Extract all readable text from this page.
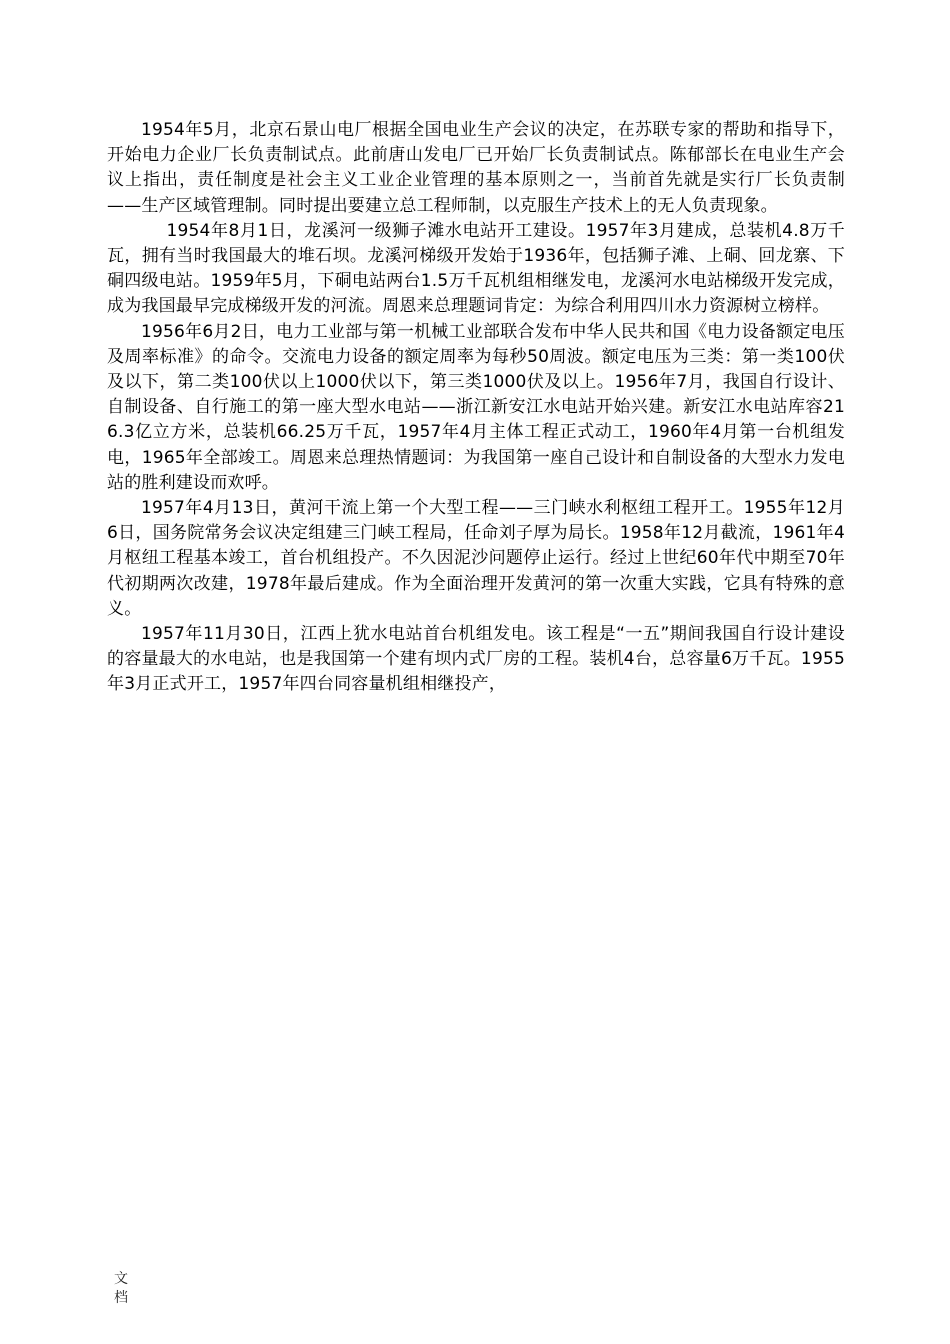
1954年5月，北京石景山电厂根据全国电业生产会议的决定，在苏联专家的帮助和指导下，开始电力企业厂长负责制试点。此前唐山发电厂已开始厂长负责制试点。陈郁部长在电业生产会议上指出，责任制度是社会主义工业企业管理的基本原则之一，当前首先就是实行厂长负责制——生产区域管理制。同时提出要建立总工程师制，以克服生产技术上的无人负责现象。

1954年8月1日，龙溪河一级狮子滩水电站开工建设。1957年3月建成，总装机4.8万千瓦，拥有当时我国最大的堆石坝。龙溪河梯级开发始于1936年，包括狮子滩、上硐、回龙寨、下硐四级电站。1959年5月，下硐电站两台1.5万千瓦机组相继发电，龙溪河水电站梯级开发完成，成为我国最早完成梯级开发的河流。周恩来总理题词肯定：为综合利用四川水力资源树立榜样。

1956年6月2日，电力工业部与第一机械工业部联合发布中华人民共和国《电力设备额定电压及周率标准》的命令。交流电力设备的额定周率为每秒50周波。额定电压为三类：第一类100伏及以下，第二类100伏以上1000伏以下，第三类1000伏及以上。1956年7月，我国自行设计、自制设备、自行施工的第一座大型水电站——浙江新安江水电站开始兴建。新安江水电站库容216.3亿立方米，总装机66.25万千瓦，1957年4月主体工程正式动工，1960年4月第一台机组发电，1965年全部竣工。周恩来总理热情题词：为我国第一座自己设计和自制设备的大型水力发电站的胜利建设而欢呼。

1957年4月13日，黄河干流上第一个大型工程——三门峡水利枢纽工程开工。1955年12月6日，国务院常务会议决定组建三门峡工程局，任命刘子厚为局长。1958年12月截流，1961年4月枢纽工程基本竣工，首台机组投产。不久因泥沙问题停止运行。经过上世纪60年代中期至70年代初期两次改建，1978年最后建成。作为全面治理开发黄河的第一次重大实践，它具有特殊的意义。

1957年11月30日，江西上犹水电站首台机组发电。该工程是“一五”期间我国自行设计建设的容量最大的水电站，也是我国第一个建有坝内式厂房的工程。装机4台，总容量6万千瓦。1955年3月正式开工，1957年四台同容量机组相继投产，

文
档
